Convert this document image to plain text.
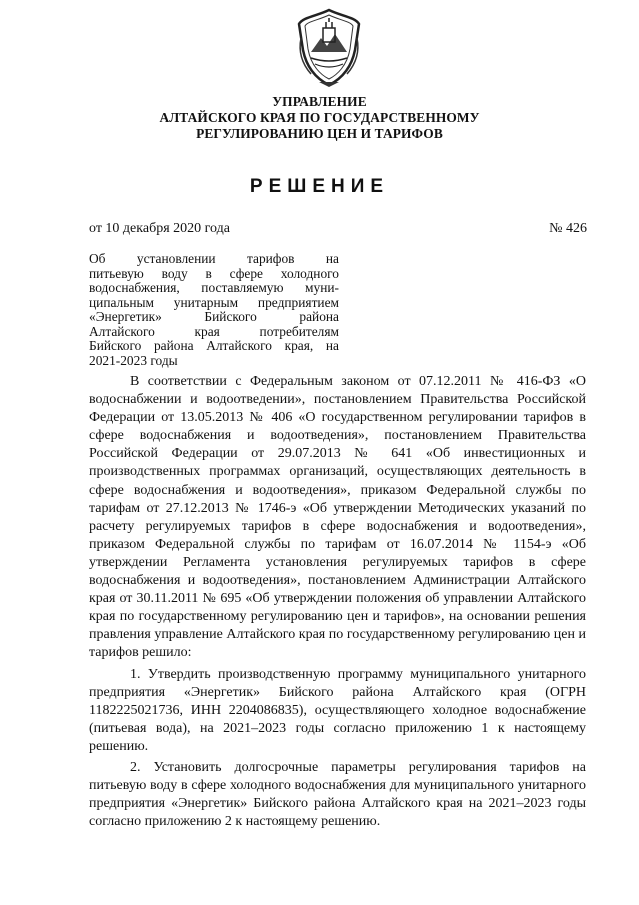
УПРАВЛЕНИЕ
АЛТАЙСКОГО КРАЯ ПО ГОСУДАРСТВЕННОМУ
РЕГУЛИРОВАНИЮ ЦЕН И ТАРИФОВ
РЕШЕНИЕ
от 10 декабря 2020 года	№ 426
Об установлении тарифов на
питьевую воду в сфере холодного
водоснабжения, поставляемую муни-
ципальным унитарным предприятием
«Энергетик» Бийского района
Алтайского края потребителям
Бийского района Алтайского края, на
2021-2023 годы

В соответствии с Федеральным законом от 07.12.2011 № 416-ФЗ «О водоснабжении и водоотведении», постановлением Правительства Российской Федерации от 13.05.2013 № 406 «О государственном регулировании тарифов в сфере водоснабжения и водоотведения», постановлением Правительства Российской Федерации от 29.07.2013 № 641 «Об инвестиционных и производственных программах организаций, осуществляющих деятельность в сфере водоснабжения и водоотведения», приказом Федеральной службы по тарифам от 27.12.2013 № 1746-э «Об утверждении Методических указаний по расчету регулируемых тарифов в сфере водоснабжения и водоотведения», приказом Федеральной службы по тарифам от 16.07.2014 № 1154-э «Об утверждении Регламента установления регулируемых тарифов в сфере водоснабжения и водоотведения», постановлением Администрации Алтайского края от 30.11.2011 № 695 «Об утверждении положения об управлении Алтайского края по государственному регулированию цен и тарифов», на основании решения правления управление Алтайского края по государственному регулированию цен и тарифов решило:

1. Утвердить производственную программу муниципального унитарного предприятия «Энергетик» Бийского района Алтайского края (ОГРН 1182225021736, ИНН 2204086835), осуществляющего холодное водоснабжение (питьевая вода), на 2021–2023 годы согласно приложению 1 к настоящему решению.

2. Установить долгосрочные параметры регулирования тарифов на питьевую воду в сфере холодного водоснабжения для муниципального унитарного предприятия «Энергетик» Бийского района Алтайского края на 2021–2023 годы согласно приложению 2 к настоящему решению.
